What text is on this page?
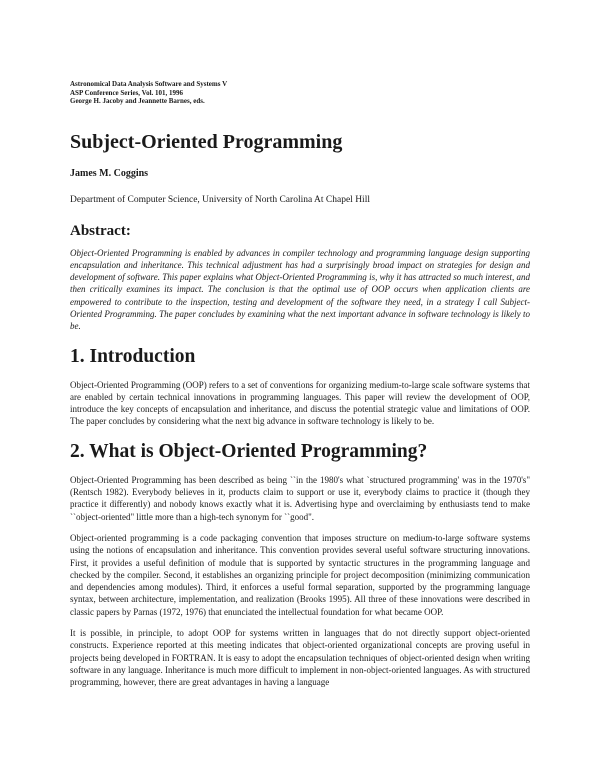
Astronomical Data Analysis Software and Systems V
ASP Conference Series, Vol. 101, 1996
George H. Jacoby and Jeannette Barnes, eds.
Subject-Oriented Programming
James M. Coggins
Department of Computer Science, University of North Carolina At Chapel Hill
Abstract:

Object-Oriented Programming is enabled by advances in compiler technology and programming language design supporting encapsulation and inheritance. This technical adjustment has had a surprisingly broad impact on strategies for design and development of software. This paper explains what Object-Oriented Programming is, why it has attracted so much interest, and then critically examines its impact. The conclusion is that the optimal use of OOP occurs when application clients are empowered to contribute to the inspection, testing and development of the software they need, in a strategy I call Subject-Oriented Programming. The paper concludes by examining what the next important advance in software technology is likely to be.

1. Introduction

Object-Oriented Programming (OOP) refers to a set of conventions for organizing medium-to-large scale software systems that are enabled by certain technical innovations in programming languages. This paper will review the development of OOP, introduce the key concepts of encapsulation and inheritance, and discuss the potential strategic value and limitations of OOP. The paper concludes by considering what the next big advance in software technology is likely to be.

2. What is Object-Oriented Programming?

Object-Oriented Programming has been described as being ``in the 1980's what `structured programming' was in the 1970's" (Rentsch 1982). Everybody believes in it, products claim to support or use it, everybody claims to practice it (though they practice it differently) and nobody knows exactly what it is. Advertising hype and overclaiming by enthusiasts tend to make ``object-oriented" little more than a high-tech synonym for ``good".

Object-oriented programming is a code packaging convention that imposes structure on medium-to-large software systems using the notions of encapsulation and inheritance. This convention provides several useful software structuring innovations. First, it provides a useful definition of module that is supported by syntactic structures in the programming language and checked by the compiler. Second, it establishes an organizing principle for project decomposition (minimizing communication and dependencies among modules). Third, it enforces a useful formal separation, supported by the programming language syntax, between architecture, implementation, and realization (Brooks 1995). All three of these innovations were described in classic papers by Parnas (1972, 1976) that enunciated the intellectual foundation for what became OOP.

It is possible, in principle, to adopt OOP for systems written in languages that do not directly support object-oriented constructs. Experience reported at this meeting indicates that object-oriented organizational concepts are proving useful in projects being developed in FORTRAN. It is easy to adopt the encapsulation techniques of object-oriented design when writing software in any language. Inheritance is much more difficult to implement in non-object-oriented languages. As with structured programming, however, there are great advantages in having a language
